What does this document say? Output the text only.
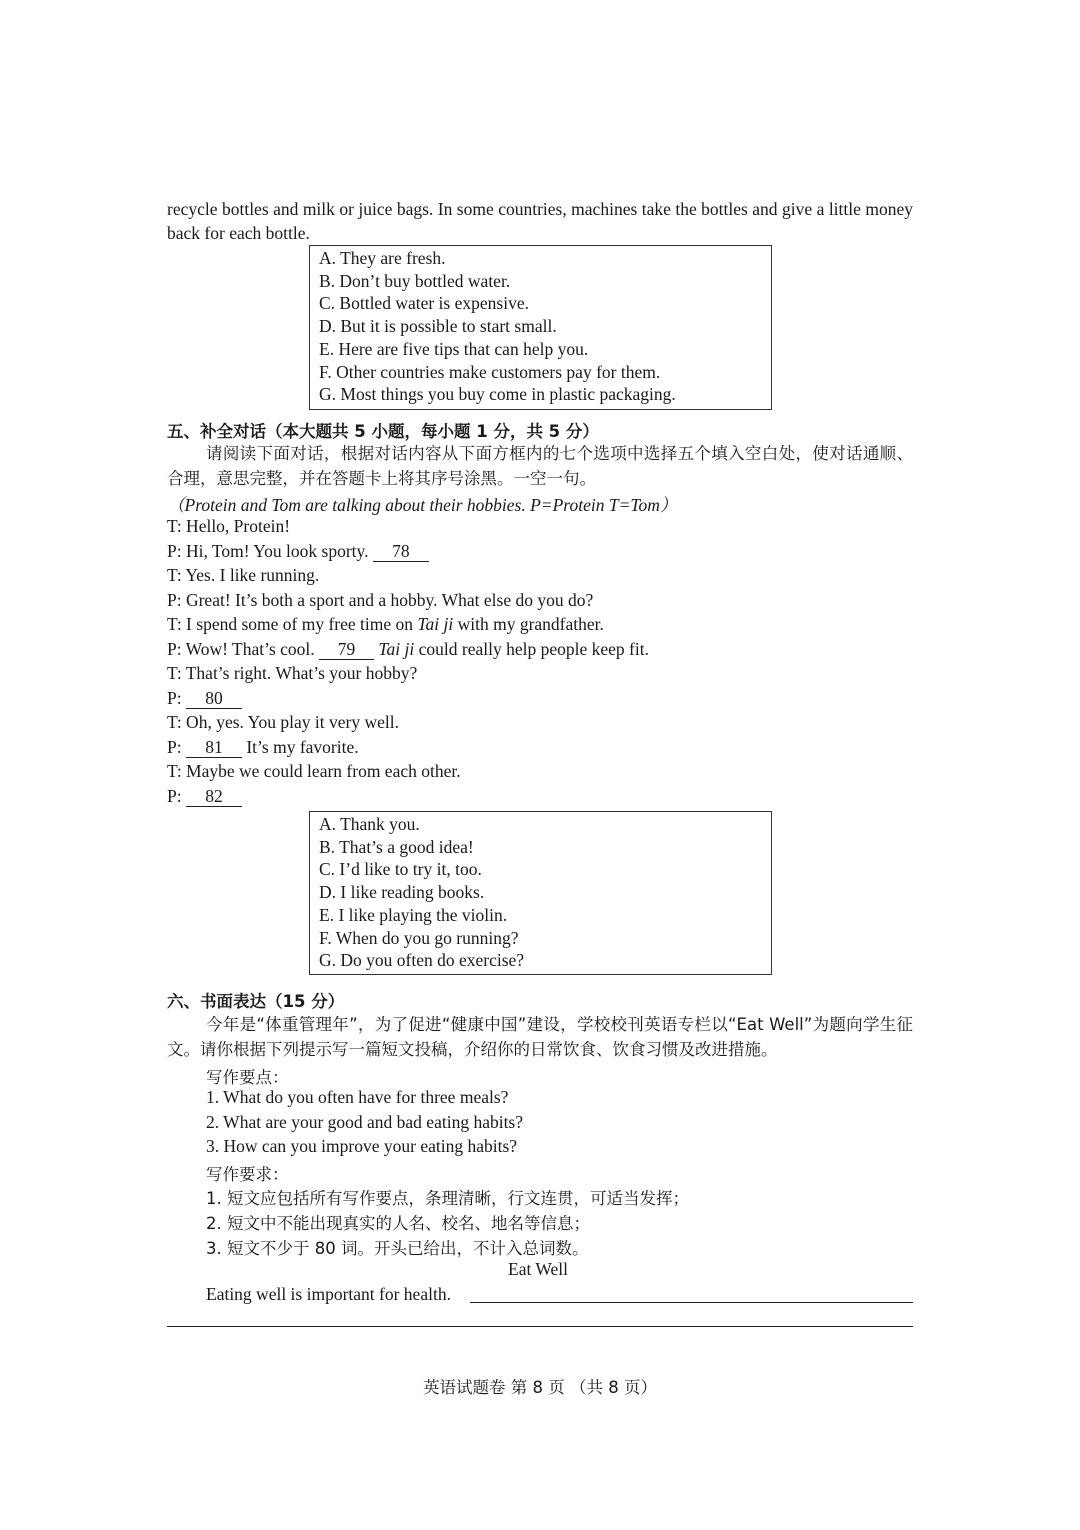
recycle bottles and milk or juice bags. In some countries, machines take the bottles and give a little money back for each bottle.
A. They are fresh.
B. Don’t buy bottled water.
C. Bottled water is expensive.
D. But it is possible to start small.
E. Here are five tips that can help you.
F. Other countries make customers pay for them.
G. Most things you buy come in plastic packaging.
五、补全对话（本大题共 5 小题，每小题 1 分，共 5 分）
请阅读下面对话，根据对话内容从下面方框内的七个选项中选择五个填入空白处，使对话通顺、合理，意思完整，并在答题卡上将其序号涂黑。一空一句。
（Protein and Tom are talking about their hobbies. P=Protein T=Tom）
T: Hello, Protein!
P: Hi, Tom! You look sporty. 78
T: Yes. I like running.
P: Great! It’s both a sport and a hobby. What else do you do?
T: I spend some of my free time on Tai ji with my grandfather.
P: Wow! That’s cool. 79 Tai ji could really help people keep fit.
T: That’s right. What’s your hobby?
P: 80
T: Oh, yes. You play it very well.
P: 81 It’s my favorite.
T: Maybe we could learn from each other.
P: 82
A. Thank you.
B. That’s a good idea!
C. I’d like to try it, too.
D. I like reading books.
E. I like playing the violin.
F. When do you go running?
G. Do you often do exercise?
六、书面表达（15 分）
今年是“体重管理年”，为了促进“健康中国”建设，学校校刊英语专栏以“Eat Well”为题向学生征文。请你根据下列提示写一篇短文投稿，介绍你的日常饮食、饮食习惯及改进措施。
写作要点：
1. What do you often have for three meals?
2. What are your good and bad eating habits?
3. How can you improve your eating habits?
写作要求：
1. 短文应包括所有写作要点，条理清晰，行文连贯，可适当发挥；
2. 短文中不能出现真实的人名、校名、地名等信息；
3. 短文不少于 80 词。开头已给出，不计入总词数。
Eat Well
Eating well is important for health.
英语试题卷 第 8 页 （共 8 页）
